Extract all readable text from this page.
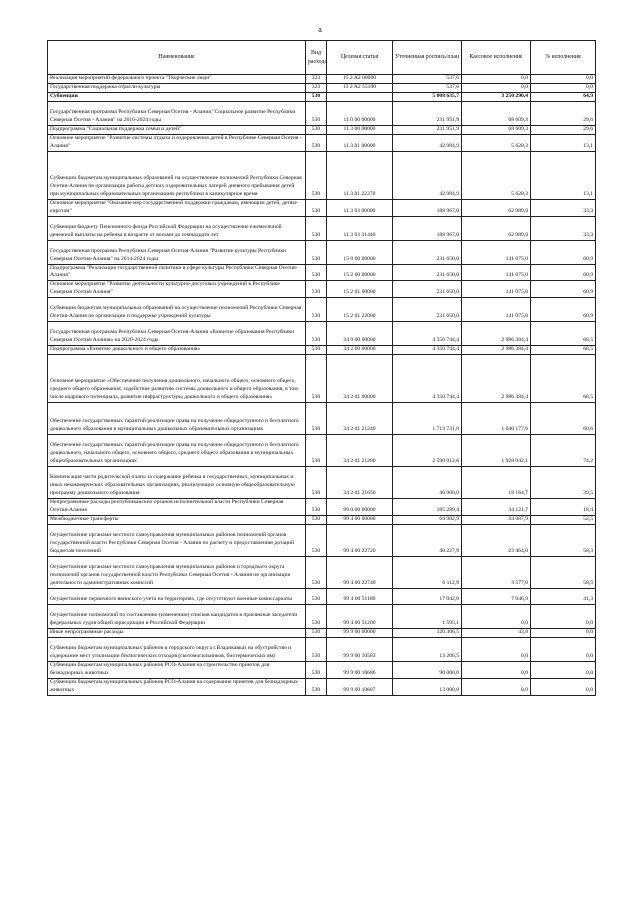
a
Наименование	Вид расхода	Целевая статья	Уточненная роспись/план	Кассовое исполнение	% исполнения
Реализация мероприятий федерального проекта "Творческие люди"	323	15 2 A2 00000	537,6	0,0	0,0
Государственная поддержка отрасли культуры	323	15 2 A2 55190	537,6	0,0	0,0
Субвенции	530		5 008 635,7	3 250 290,4	64,9
Государственная программа Республики Северная Осетия - Алания "Социальное развитие Республики Северная Осетия - Алания" на 2016-2024 годы	530	11 0 00 00000	231 951,9	68 609,3	29,6
Подпрограмма "Социальная поддержка семьи и детей"	530	11 3 00 00000	231 951,9	68 609,3	29,6
Основное мероприятие "Развитие системы отдыха и оздоровления детей в Республике Северная Осетия - Алания"	530	11 3 01 00000	42 984,9	5 620,3	13,1
Субвенции бюджетам муниципальных образований на осуществление полномочий Республики Северная Осетия-Алания по организации работы детских оздоровительных лагерей дневного пребывания детей при муниципальных образовательных организациях республики в каникулярное время	530	11 3 01 22270	42 984,9	5 620,3	13,1
Основное мероприятие "Оказание мер государственной поддержки гражданам, имеющим детей, детям-сиротам"	530	11 3 03 00000	188 967,0	62 989,0	33,3
Субвенция бюджету Пенсионного фонда Российской Федерации на осуществление ежемесячной денежной выплаты на ребенка в возрасте от восьми до семнадцати лет	530	11 3 03 31440	188 967,0	62 989,0	33,3
Государственная программа Республики Северная Осетия-Алания "Развитие культуры Республики Северная Осетия-Алания" на 2014-2024 годы	530	15 0 00 00000	231 650,0	141 075,0	60,9
Подпрограмма "Реализация государственной политики в сфере культуры Республики Северная Осетия-Алания"	530	15 2 00 00000	231 650,0	141 075,0	60,9
Основное мероприятие "Развитие деятельности культурно-досуговых учреждений в Республике Северная Осетия-Алания"	530	15 2 01 00000	231 650,0	141 075,0	60,9
Субвенция бюджетам муниципальных образований на осуществление полномочий Республики Северная Осетия-Алания по организации и поддержке учреждений культуры	530	15 2 01 22000	231 650,0	141 075,0	60,9
Государственная программа Республики Северная Осетия-Алания «Развитие образования Республики Северная Осетия-Алания» на 2020-2024 годы	530	34 0 00 00000	4 350 744,4	2 986 384,4	68,5
Подпрограмма «Развитие дошкольного и общего образования»	530	34 2 00 00000	4 350 744,4	2 986 384,4	68,5
Основное мероприятие «Обеспечение получения дошкольного, начального общего, основного общего, среднего общего образования, содействие развитию системы дошкольного и общего образования, в том числе кадрового потенциала, развитие инфраструктуры дошкольного и общего образования»	530	34 2 01 00000	4 350 744,4	2 986 384,4	68,5
Обеспечение государственных гарантий реализации права на получение общедоступного и бесплатного дошкольного образования в муниципальных дошкольных образовательных организациях	530	34 2 01 21240	1 713 731,8	1 040 177,6	60,6
Обеспечение государственных гарантий реализации права на получение общедоступного и бесплатного дошкольного, начального общего, основного общего, среднего общего образования в муниципальных общеобразовательных организациях	530	34 2 01 21280	2 590 012,6	1 928 042,1	74,2
Компенсация части родительской платы за содержание ребенка в государственных, муниципальных и иных некоммерческих образовательных организациях, реализующих основную общеобразовательную программу дошкольного образования	530	34 2 01 21650	46 000,0	18 164,7	39,5
Непрограммные расходы республиканских органов исполнительной власти Республики Северная Осетия-Алания	530	99 0 00 00000	185 289,4	34 121,7	18,4
Межбюджетные трансферты	530	99 4 00 00000	64 982,9	34 087,9	52,5
Осуществление органами местного самоуправления муниципальных районов полномочий органов государственной власти Республики Северная Осетия - Алания по расчету и предоставлению дотаций бюджетам поселений	530	99 4 00 22720	40 227,9	23 464,0	58,3
Осуществление органами местного самоуправления муниципальных районов и городского округа полномочий органов государственной власти Республики Северная Осетия - Алания по организации деятельности административных комиссий	530	99 4 00 22740	6 112,9	3 577,0	58,5
Осуществление первичного воинского учета на территориях, где отсутствуют военные комиссариаты	530	99 4 00 51180	17 042,0	7 046,9	41,3
Осуществление полномочий по составлению (изменению) списков кандидатов в присяжные заседатели федеральных судов общей юрисдикции в Российской Федерации	530	99 4 00 51200	1 595,1	0,0	0,0
Иные непрограммные расходы	530	99 9 00 00000	120 306,5	43,8	0,0
Субвенции бюджетам муниципальных районов и городского округа г.Владикавказ на обустройство и содержание мест утилизации биологических отходов (скотомогильников, биотермических ям)	530	99 9 00 10583	13 206,5	0,0	0,0
Субвенции бюджетам муниципальных районов РСО-Алания на строительство приютов для безнадзорных животных	530	99 9 00 10686	90 000,0	0,0	0,0
Субвенции бюджетам муниципальных районов РСО-Алания на содержание приютов для безнадзорных животных	530	99 9 00 10687	13 000,0	0,0	0,0
